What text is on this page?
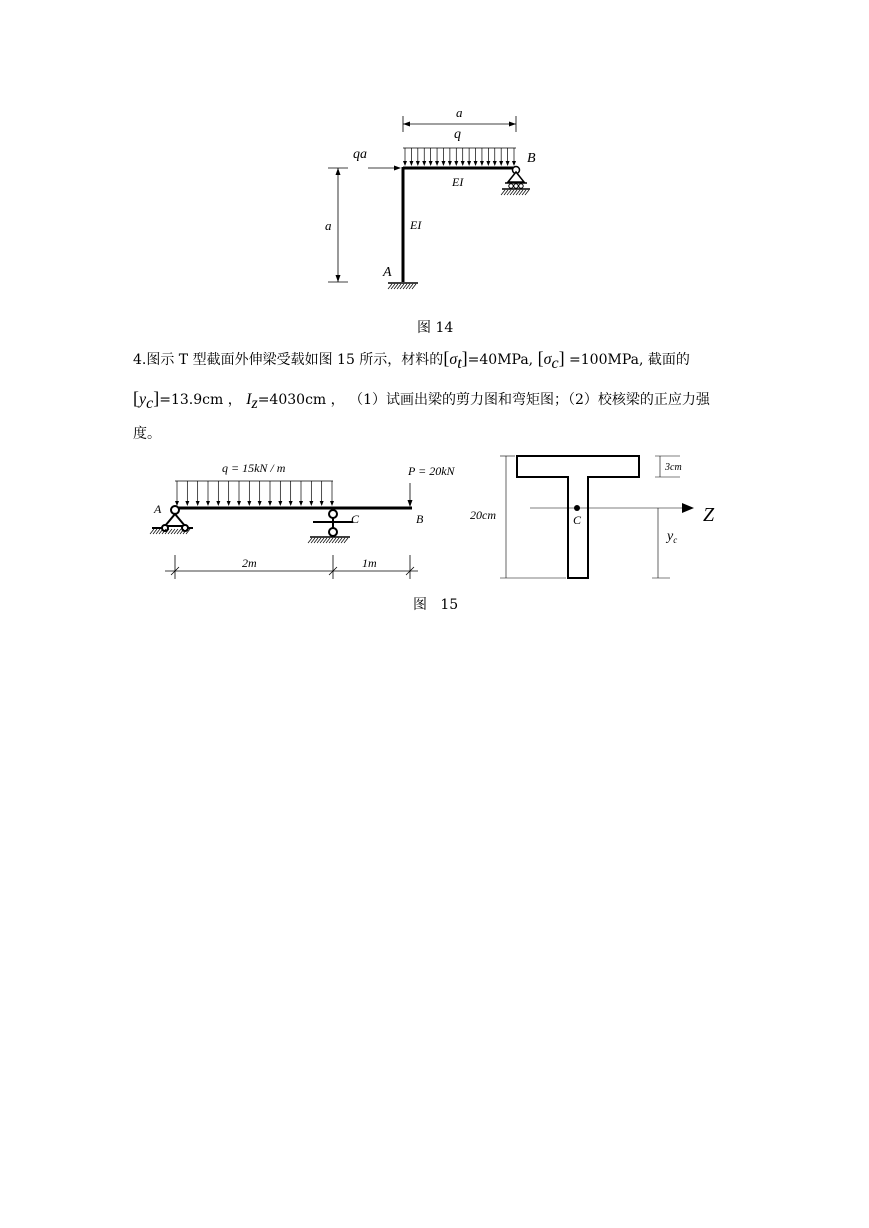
a
q
qa	B
EI
a	EI
A
图 14
4.图示 T 型截面外伸梁受载如图 15 所示，材料的$[\sigma_t]=40MPa$, $[\sigma_c] =100MPa$, 截面的
$[y_c]=13.9cm$ ， $I_z=4030cm$ ， （1）试画出梁的剪力图和弯矩图；（2）校核梁的正应力强
度。
q = 15kN / m	P = 20kN
A
C	B
2m	1m
3cm
20cm	Z
C
$y_c$
图   15
